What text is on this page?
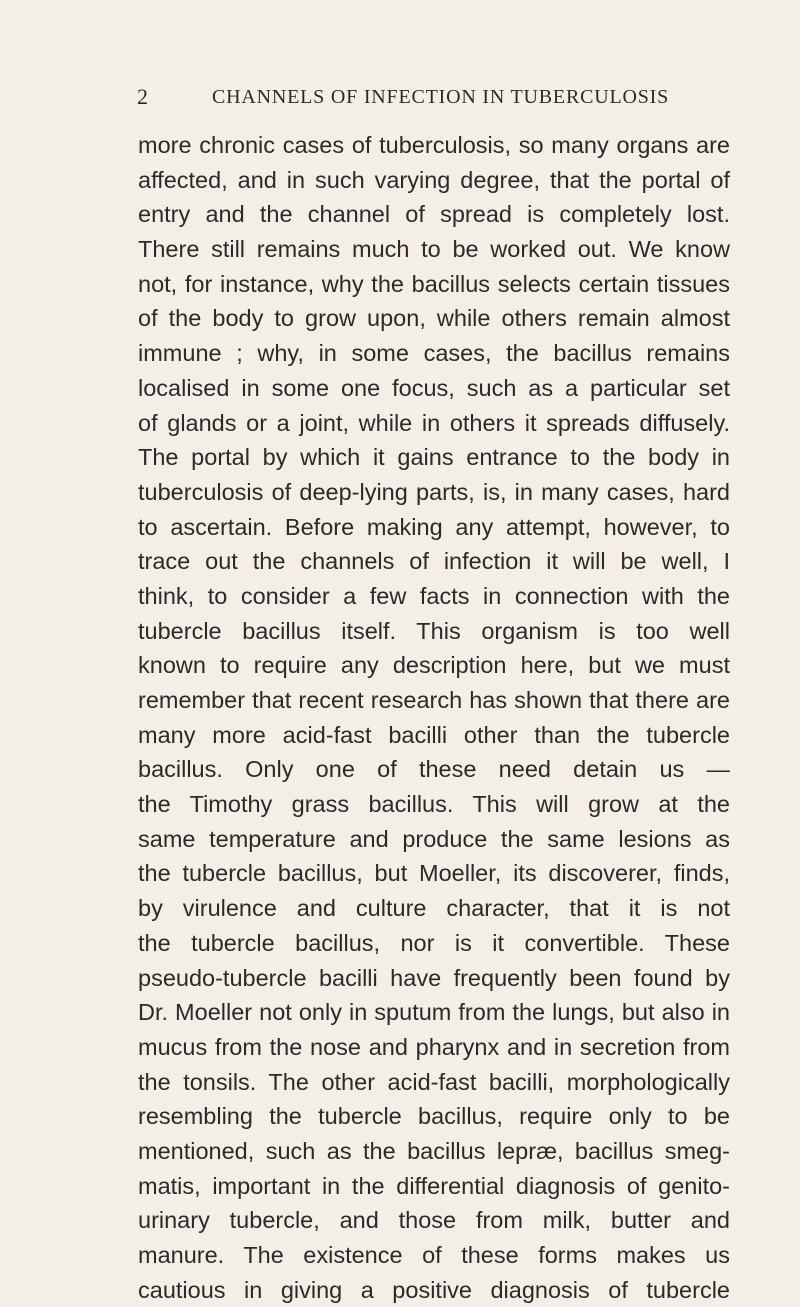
2	CHANNELS OF INFECTION IN TUBERCULOSIS
more chronic cases of tuberculosis, so many organs are
affected, and in such varying degree, that the portal of
entry and the channel of spread is completely lost.
There still remains much to be worked out. We know
not, for instance, why the bacillus selects certain tissues
of the body to grow upon, while others remain almost
immune ; why, in some cases, the bacillus remains
localised in some one focus, such as a particular set
of glands or a joint, while in others it spreads diffusely.
The portal by which it gains entrance to the body in
tuberculosis of deep-lying parts, is, in many cases, hard
to ascertain. Before making any attempt, however, to
trace out the channels of infection it will be well, I
think, to consider a few facts in connection with the
tubercle bacillus itself. This organism is too well
known to require any description here, but we must
remember that recent research has shown that there are
many more acid-fast bacilli other than the tubercle
bacillus. Only one of these need detain us —
the Timothy grass bacillus. This will grow at the
same temperature and produce the same lesions as
the tubercle bacillus, but Moeller, its discoverer, finds,
by virulence and culture character, that it is not
the tubercle bacillus, nor is it convertible. These
pseudo-tubercle bacilli have frequently been found by
Dr. Moeller not only in sputum from the lungs, but also in
mucus from the nose and pharynx and in secretion from
the tonsils. The other acid-fast bacilli, morphologically
resembling the tubercle bacillus, require only to be
mentioned, such as the bacillus lepræ, bacillus smeg-
matis, important in the differential diagnosis of genito-
urinary tubercle, and those from milk, butter and
manure. The existence of these forms makes us
cautious in giving a positive diagnosis of tubercle
